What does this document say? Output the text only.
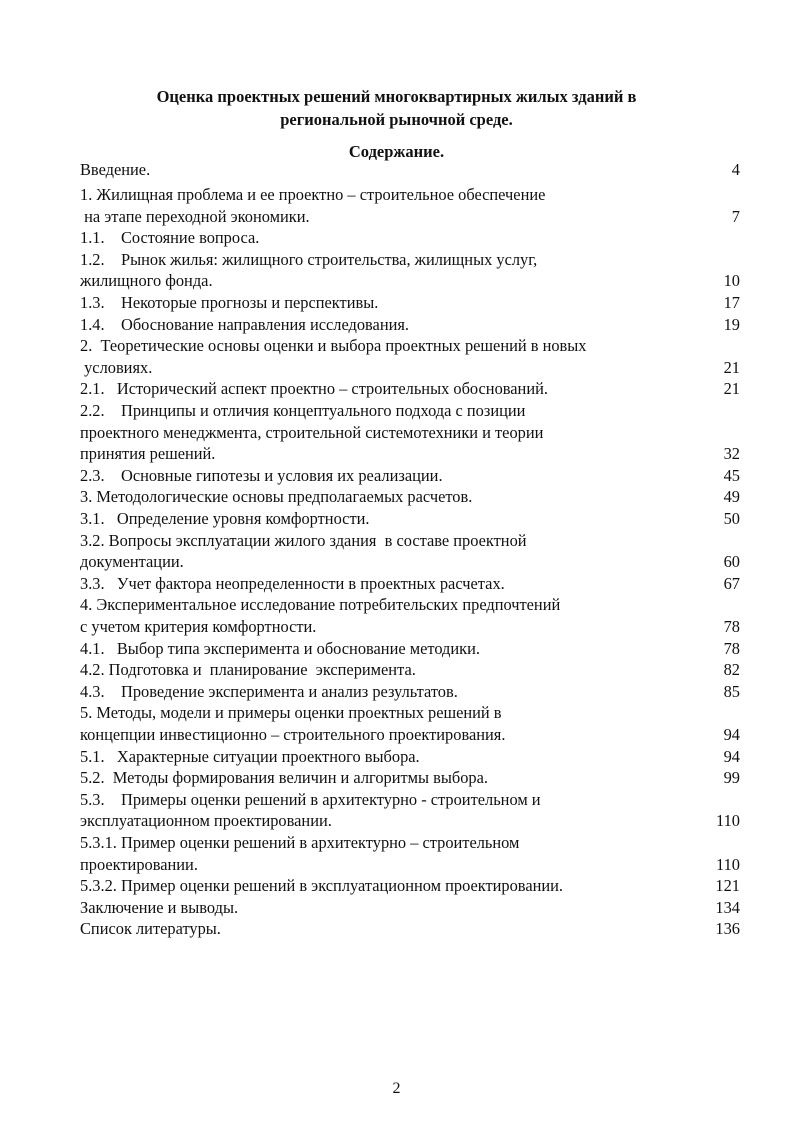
Оценка проектных решений многоквартирных жилых зданий в
региональной рыночной среде.
Содержание.
Введение.	4
1. Жилищная проблема и ее проектно – строительное обеспечение
на этапе переходной экономики.	7
1.1.    Состояние вопроса.
1.2.    Рынок жилья: жилищного строительства, жилищных услуг,
жилищного фонда.	10
1.3.    Некоторые прогнозы и перспективы.	17
1.4.    Обоснование направления исследования.	19
2.  Теоретические основы оценки и выбора проектных решений в новых
условиях.	21
2.1.   Исторический аспект проектно – строительных обоснований.	21
2.2.    Принципы и отличия концептуального подхода с позиции
проектного менеджмента, строительной системотехники и теории
принятия решений.	32
2.3.    Основные гипотезы и условия их реализации.	45
3. Методологические основы предполагаемых расчетов.	49
3.1.   Определение уровня комфортности.	50
3.2. Вопросы эксплуатации жилого здания  в составе проектной
документации.	60
3.3.   Учет фактора неопределенности в проектных расчетах.	67
4. Экспериментальное исследование потребительских предпочтений
с учетом критерия комфортности.	78
4.1.   Выбор типа эксперимента и обоснование методики.	78
4.2. Подготовка и  планирование  эксперимента.	82
4.3.    Проведение эксперимента и анализ результатов.	85
5. Методы, модели и примеры оценки проектных решений в
концепции инвестиционно – строительного проектирования.	94
5.1.   Характерные ситуации проектного выбора.	94
5.2.  Методы формирования величин и алгоритмы выбора.	99
5.3.    Примеры оценки решений в архитектурно - строительном и
эксплуатационном проектировании.	110
5.3.1. Пример оценки решений в архитектурно – строительном
проектировании.	110
5.3.2. Пример оценки решений в эксплуатационном проектировании.	121
Заключение и выводы.	134
Список литературы.	136
2
